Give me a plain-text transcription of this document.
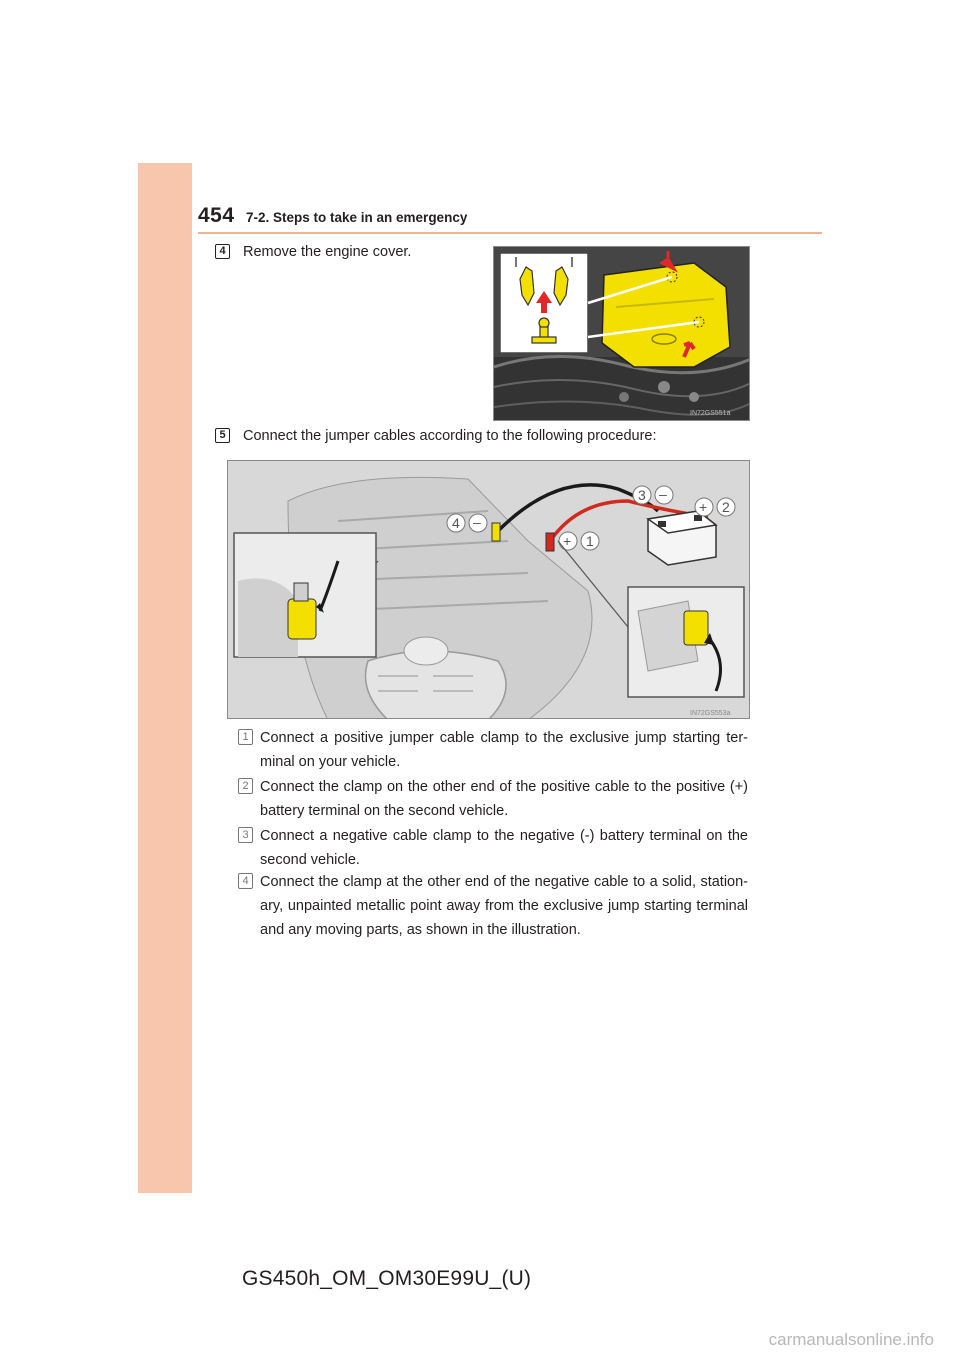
454 7-2. Steps to take in an emergency
4	Remove the engine cover.
IN72GS551a
5	Connect the jumper cables according to the following procedure:
3 –
+ 2
4 –
+ 1
IN72GS553a
1 Connect a positive jumper cable clamp to the exclusive jump starting ter-minal on your vehicle.
2 Connect the clamp on the other end of the positive cable to the positive (+) battery terminal on the second vehicle.
3 Connect a negative cable clamp to the negative (-) battery terminal on the second vehicle.
4 Connect the clamp at the other end of the negative cable to a solid, station-ary, unpainted metallic point away from the exclusive jump starting terminal and any moving parts, as shown in the illustration.
GS450h_OM_OM30E99U_(U)
carmanualsonline.info
